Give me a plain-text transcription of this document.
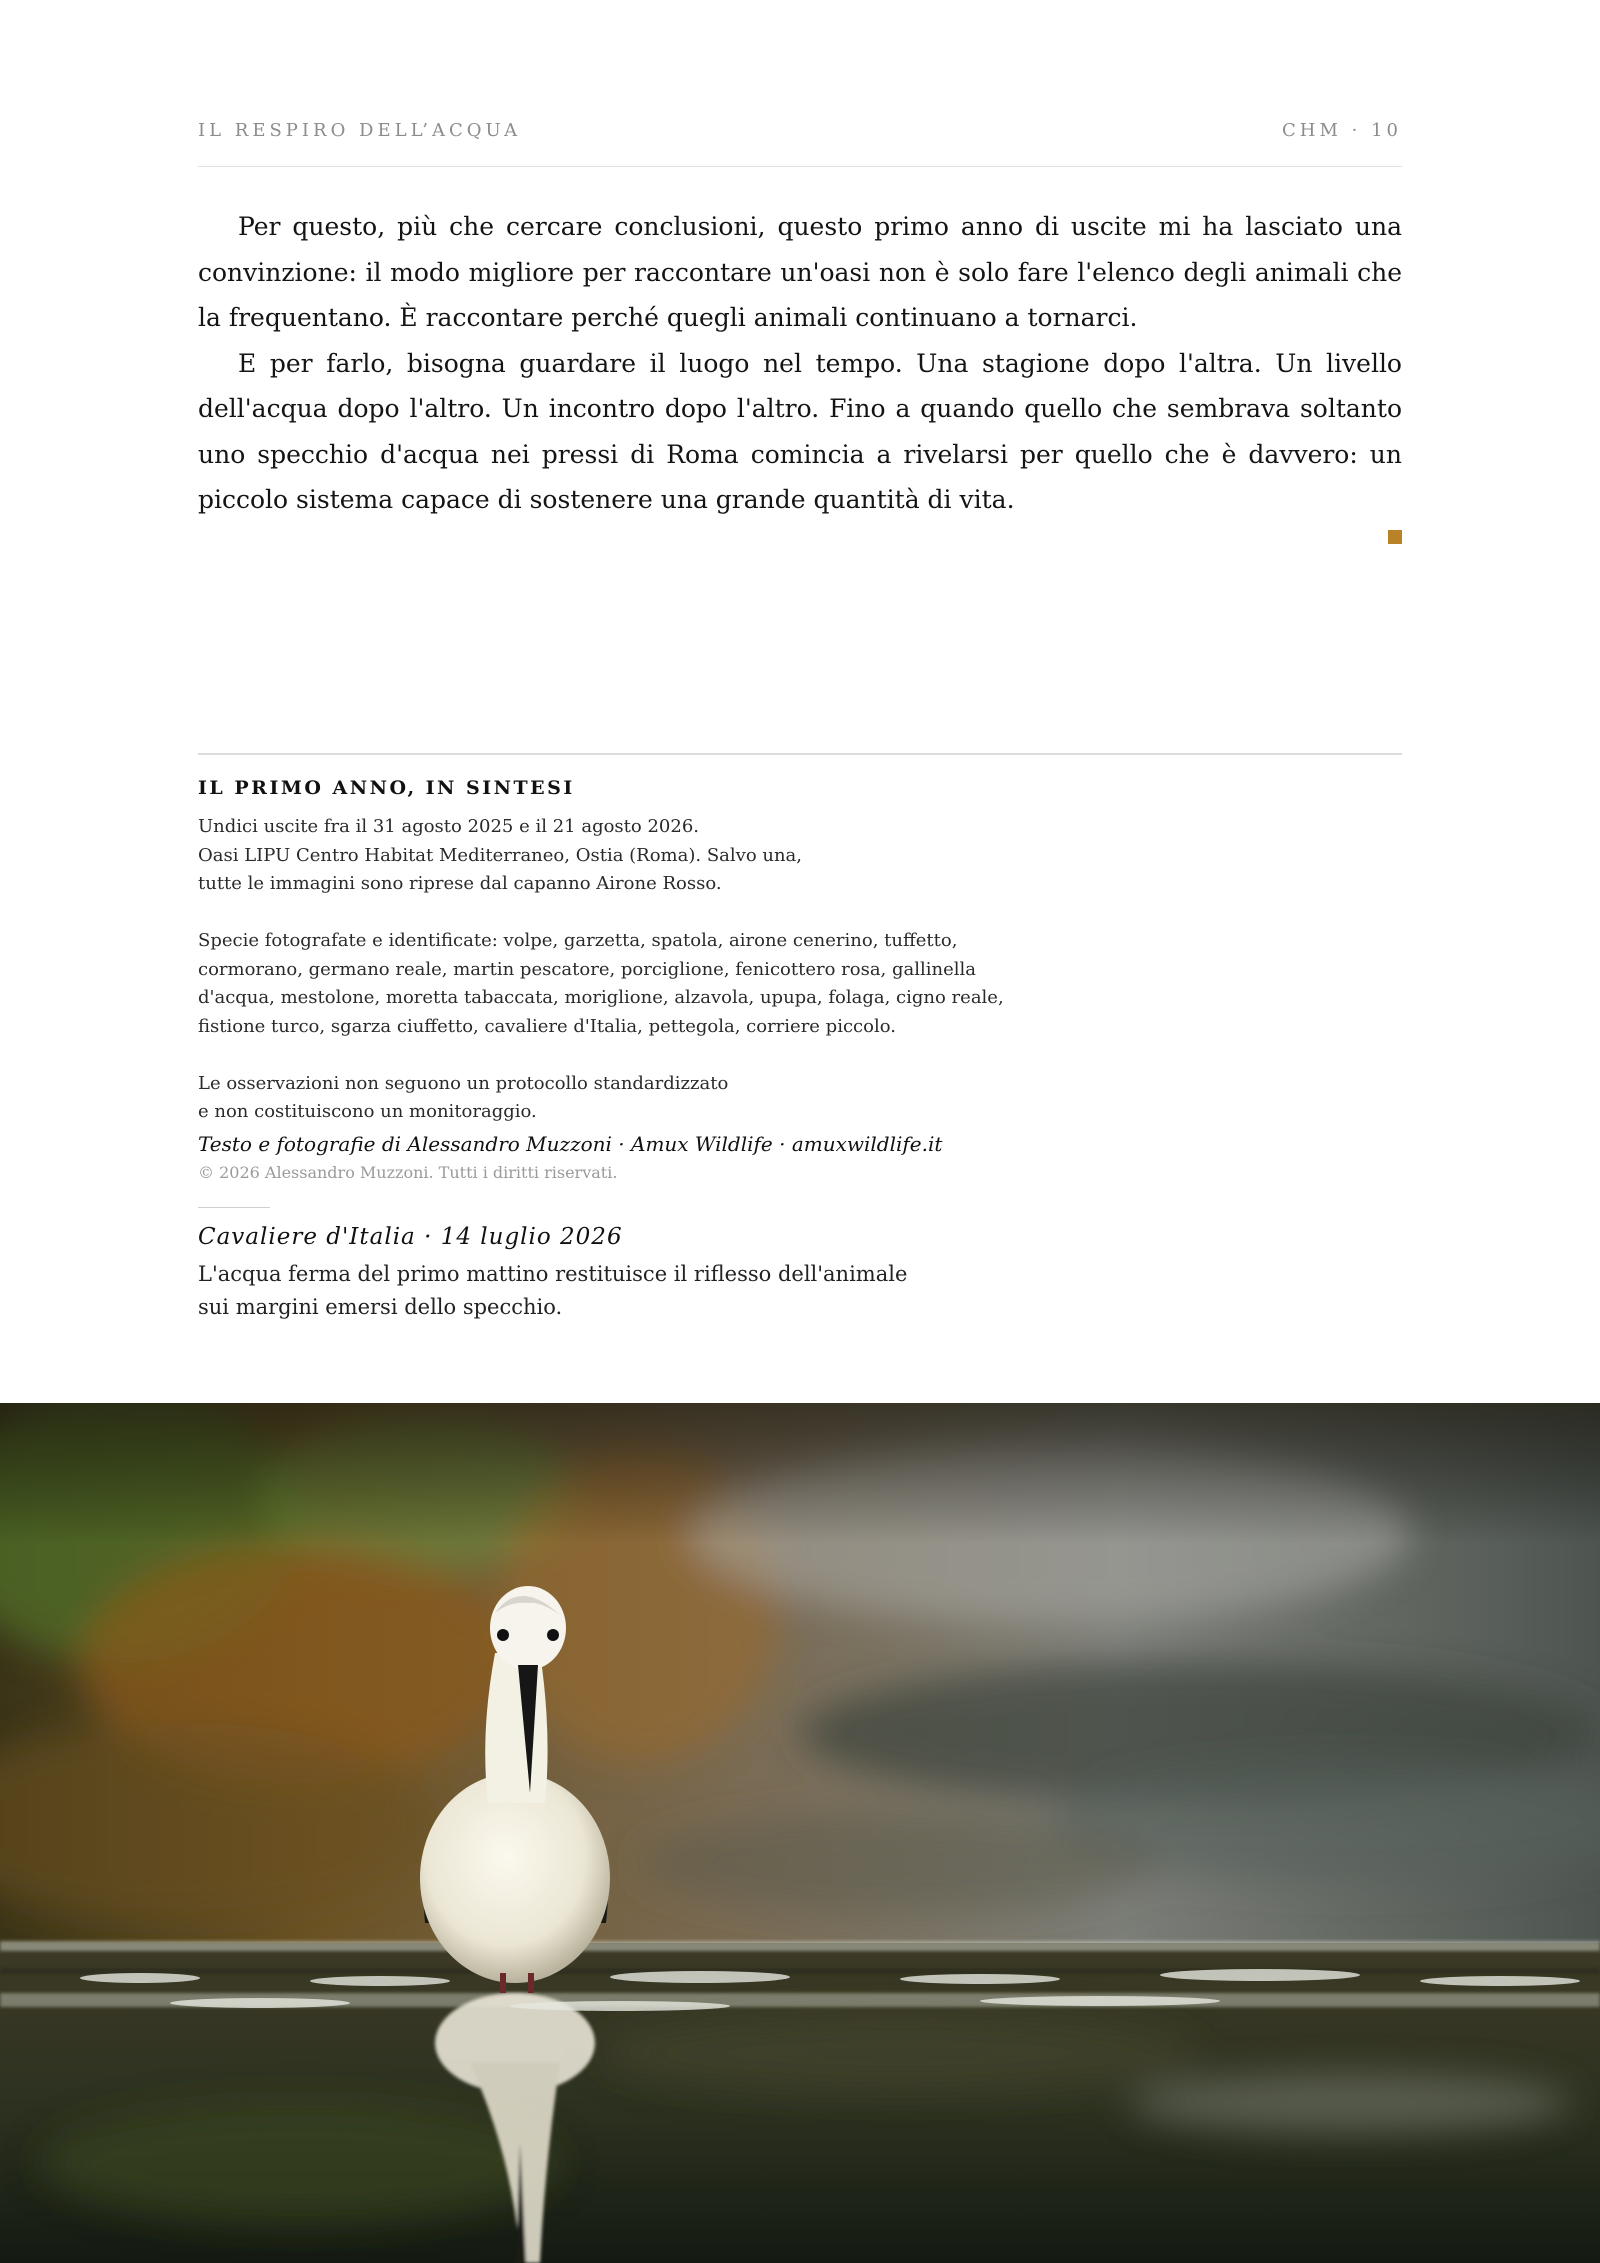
IL RESPIRO DELL’ACQUA	CHM · 10

Per questo, più che cercare conclusioni, questo primo anno di uscite mi ha lasciato una convinzione: il modo migliore per raccontare un'oasi non è solo fare l'elenco degli animali che la frequentano. È raccontare perché quegli animali continuano a tornarci.

E per farlo, bisogna guardare il luogo nel tempo. Una stagione dopo l'altra. Un livello dell'acqua dopo l'altro. Un incontro dopo l'altro. Fino a quando quello che sembrava soltanto uno specchio d'acqua nei pressi di Roma comincia a rivelarsi per quello che è davvero: un piccolo sistema capace di sostenere una grande quantità di vita.

IL PRIMO ANNO, IN SINTESI
Undici uscite fra il 31 agosto 2025 e il 21 agosto 2026.
Oasi LIPU Centro Habitat Mediterraneo, Ostia (Roma). Salvo una,
tutte le immagini sono riprese dal capanno Airone Rosso.
Specie fotografate e identificate: volpe, garzetta, spatola, airone cenerino, tuffetto,
cormorano, germano reale, martin pescatore, porciglione, fenicottero rosa, gallinella
d'acqua, mestolone, moretta tabaccata, moriglione, alzavola, upupa, folaga, cigno reale,
fistione turco, sgarza ciuffetto, cavaliere d'Italia, pettegola, corriere piccolo.
Le osservazioni non seguono un protocollo standardizzato
e non costituiscono un monitoraggio.
Testo e fotografie di Alessandro Muzzoni · Amux Wildlife · amuxwildlife.it
© 2026 Alessandro Muzzoni. Tutti i diritti riservati.
Cavaliere d'Italia · 14 luglio 2026
L'acqua ferma del primo mattino restituisce il riflesso dell'animale
sui margini emersi dello specchio.
